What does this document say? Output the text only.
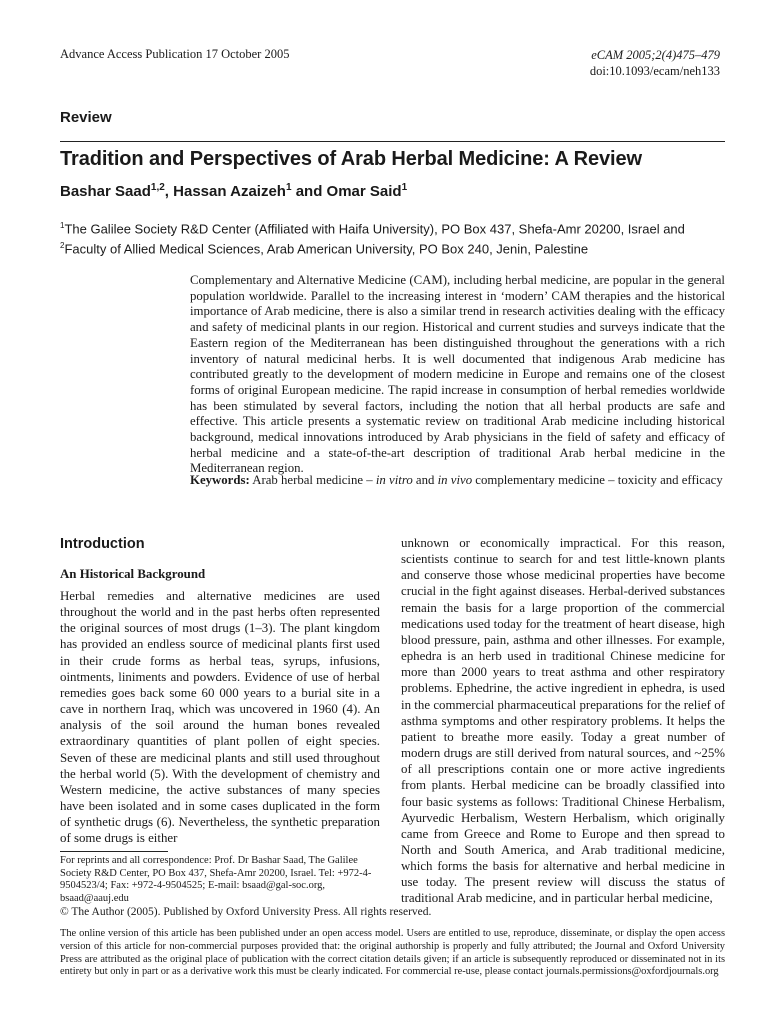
Advance Access Publication 17 October 2005	eCAM 2005;2(4)475–479
doi:10.1093/ecam/neh133
Review
Tradition and Perspectives of Arab Herbal Medicine: A Review
Bashar Saad$^{1,2}$, Hassan Azaizeh$^1$ and Omar Said$^1$
$^1$The Galilee Society R&D Center (Affiliated with Haifa University), PO Box 437, Shefa-Amr 20200, Israel and
$^2$Faculty of Allied Medical Sciences, Arab American University, PO Box 240, Jenin, Palestine
Complementary and Alternative Medicine (CAM), including herbal medicine, are popular in the general population worldwide. Parallel to the increasing interest in ‘modern’ CAM therapies and the historical importance of Arab medicine, there is also a similar trend in research activities dealing with the efficacy and safety of medicinal plants in our region. Historical and current studies and surveys indicate that the Eastern region of the Mediterranean has been distinguished throughout the generations with a rich inventory of natural medicinal herbs. It is well documented that indigenous Arab medicine has contributed greatly to the development of modern medicine in Europe and remains one of the closest forms of original European medicine. The rapid increase in consumption of herbal remedies worldwide has been stimulated by several factors, including the notion that all herbal products are safe and effective. This article presents a systematic review on traditional Arab medicine including historical background, medical innovations introduced by Arab physicians in the field of safety and efficacy of herbal medicine and a state-of-the-art description of traditional Arab herbal medicine in the Mediterranean region.
Keywords: Arab herbal medicine – in vitro and in vivo complementary medicine – toxicity and efficacy
Introduction
An Historical Background
Herbal remedies and alternative medicines are used throughout the world and in the past herbs often represented the original sources of most drugs (1–3). The plant kingdom has provided an endless source of medicinal plants first used in their crude forms as herbal teas, syrups, infusions, ointments, liniments and powders. Evidence of use of herbal remedies goes back some 60 000 years to a burial site in a cave in northern Iraq, which was uncovered in 1960 (4). An analysis of the soil around the human bones revealed extraordinary quantities of plant pollen of eight species. Seven of these are medicinal plants and still used throughout the herbal world (5). With the development of chemistry and Western medicine, the active substances of many species have been isolated and in some cases duplicated in the form of synthetic drugs (6). Nevertheless, the synthetic preparation of some drugs is either
unknown or economically impractical. For this reason, scientists continue to search for and test little-known plants and conserve those whose medicinal properties have become crucial in the fight against diseases. Herbal-derived substances remain the basis for a large proportion of the commercial medications used today for the treatment of heart disease, high blood pressure, pain, asthma and other illnesses. For example, ephedra is an herb used in traditional Chinese medicine for more than 2000 years to treat asthma and other respiratory problems. Ephedrine, the active ingredient in ephedra, is used in the commercial pharmaceutical preparations for the relief of asthma symptoms and other respiratory problems. It helps the patient to breathe more easily. Today a great number of modern drugs are still derived from natural sources, and ~25% of all prescriptions contain one or more active ingredients from plants. Herbal medicine can be broadly classified into four basic systems as follows: Traditional Chinese Herbalism, Ayurvedic Herbalism, Western Herbalism, which originally came from Greece and Rome to Europe and then spread to North and South America, and Arab traditional medicine, which forms the basis for alternative and herbal medicine in use today. The present review will discuss the status of traditional Arab medicine, and in particular herbal medicine,
For reprints and all correspondence: Prof. Dr Bashar Saad, The Galilee Society R&D Center, PO Box 437, Shefa-Amr 20200, Israel. Tel: +972-4-9504523/4; Fax: +972-4-9504525; E-mail: bsaad@gal-soc.org, bsaad@aauj.edu
© The Author (2005). Published by Oxford University Press. All rights reserved.
The online version of this article has been published under an open access model. Users are entitled to use, reproduce, disseminate, or display the open access version of this article for non-commercial purposes provided that: the original authorship is properly and fully attributed; the Journal and Oxford University Press are attributed as the original place of publication with the correct citation details given; if an article is subsequently reproduced or disseminated not in its entirety but only in part or as a derivative work this must be clearly indicated. For commercial re-use, please contact journals.permissions@oxfordjournals.org
